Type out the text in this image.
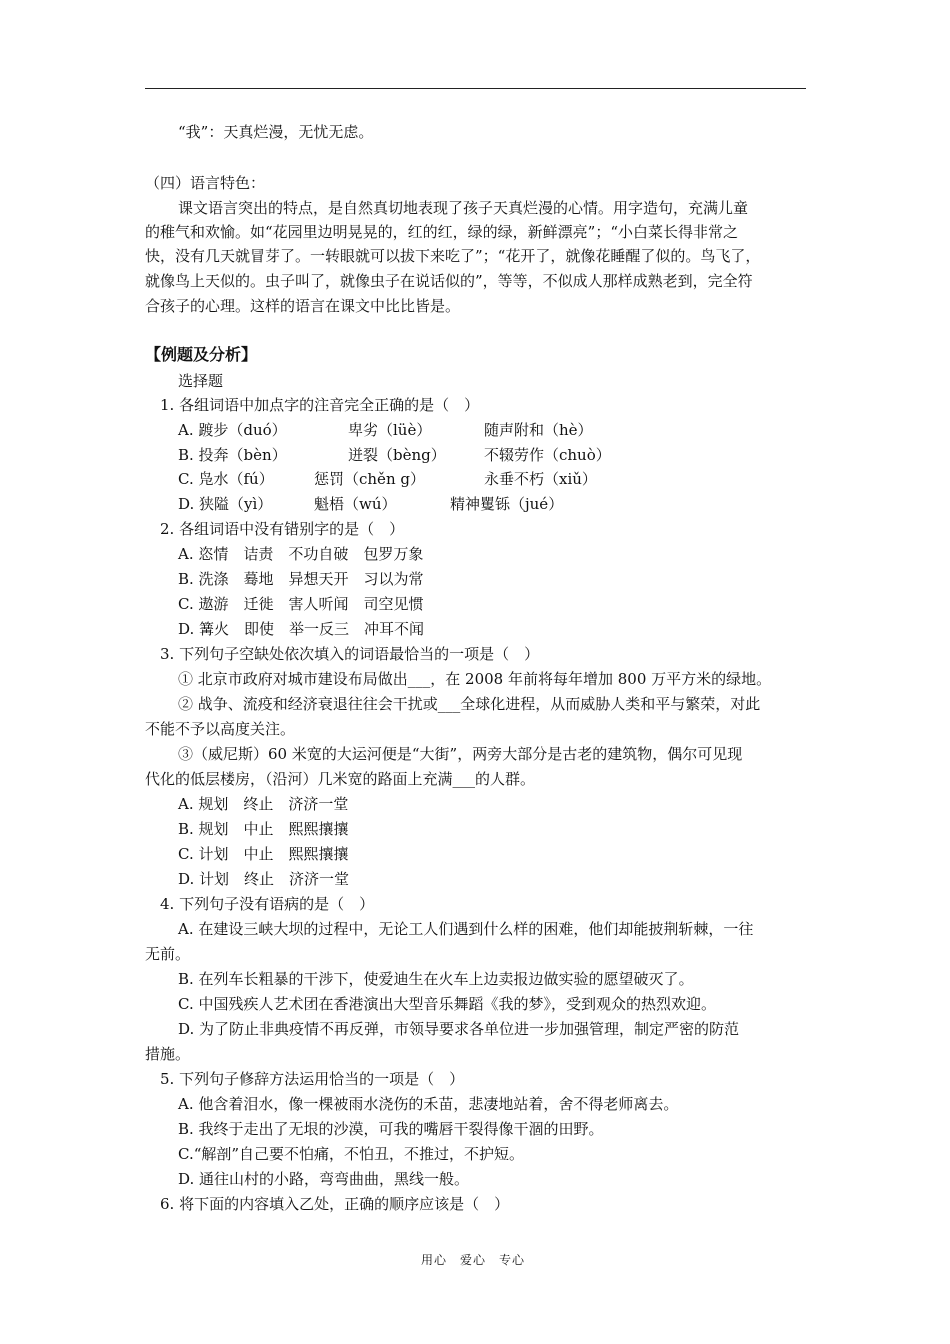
“我”：天真烂漫，无忧无虑。
（四）语言特色：
课文语言突出的特点，是自然真切地表现了孩子天真烂漫的心情。用字造句，充满儿童
的稚气和欢愉。如“花园里边明晃晃的，红的红，绿的绿，新鲜漂亮”；“小白菜长得非常之
快，没有几天就冒芽了。一转眼就可以拔下来吃了”；“花开了，就像花睡醒了似的。鸟飞了，
就像鸟上天似的。虫子叫了，就像虫子在说话似的”，等等，不似成人那样成熟老到，完全符
合孩子的心理。这样的语言在课文中比比皆是。
【例题及分析】
选择题
1. 各组词语中加点字的注音完全正确的是（　）
A. 踱步（duó）	卑劣（lüè）	随声附和（hè）
B. 投奔（bèn）	迸裂（bèng）	不辍劳作（chuò）
C. 凫水（fú）	惩罚（chěn g）	永垂不朽（xiǔ）
D. 狭隘（yì）	魁梧（wú）	精神矍铄（jué）
2. 各组词语中没有错别字的是（　）
A. 恣情　诘责　不功自破　包罗万象
B. 洗涤　蓦地　异想天开　习以为常
C. 遨游　迁徙　害人听闻　司空见惯
D. 篝火　即使　举一反三　冲耳不闻
3. 下列句子空缺处依次填入的词语最恰当的一项是（　）
① 北京市政府对城市建设布局做出___，在 2008 年前将每年增加 800 万平方米的绿地。
② 战争、流疫和经济衰退往往会干扰或___全球化进程，从而威胁人类和平与繁荣，对此
不能不予以高度关注。
③（威尼斯）60 米宽的大运河便是“大街”，两旁大部分是古老的建筑物，偶尔可见现
代化的低层楼房，（沿河）几米宽的路面上充满___的人群。
A. 规划　终止　济济一堂
B. 规划　中止　熙熙攘攘
C. 计划　中止　熙熙攘攘
D. 计划　终止　济济一堂
4. 下列句子没有语病的是（　）
A. 在建设三峡大坝的过程中，无论工人们遇到什么样的困难，他们却能披荆斩棘，一往
无前。
B. 在列车长粗暴的干涉下，使爱迪生在火车上边卖报边做实验的愿望破灭了。
C. 中国残疾人艺术团在香港演出大型音乐舞蹈《我的梦》，受到观众的热烈欢迎。
D. 为了防止非典疫情不再反弹，市领导要求各单位进一步加强管理，制定严密的防范
措施。
5. 下列句子修辞方法运用恰当的一项是（　）
A. 他含着泪水，像一棵被雨水浇伤的禾苗，悲凄地站着，舍不得老师离去。
B. 我终于走出了无垠的沙漠，可我的嘴唇干裂得像干涸的田野。
C.“解剖”自己要不怕痛，不怕丑，不推过，不护短。
D. 通往山村的小路，弯弯曲曲，黑线一般。
6. 将下面的内容填入乙处，正确的顺序应该是（　）
用心　爱心　专心
